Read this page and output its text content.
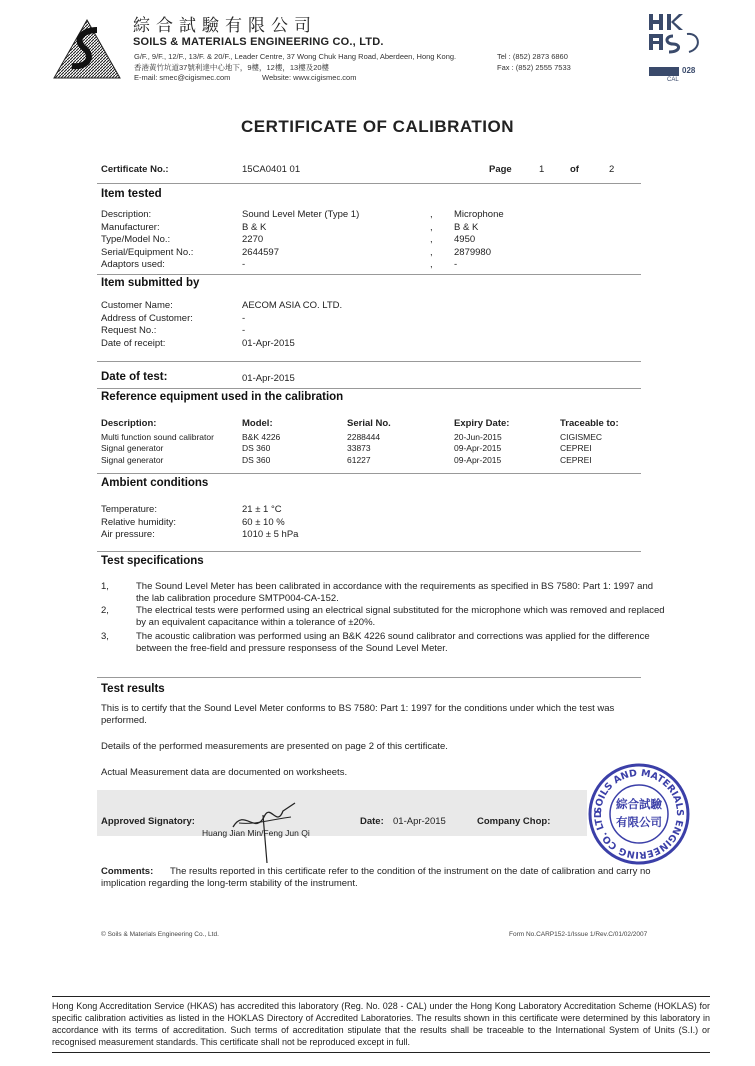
綜合試驗有限公司
SOILS & MATERIALS ENGINEERING CO., LTD.
G/F., 9/F., 12/F., 13/F. & 20/F., Leader Centre, 37 Wong Chuk Hang Road, Aberdeen, Hong Kong.
香港黃竹坑道37號利達中心地下，9樓，12樓，13樓及20樓
E-mail: smec@cigismec.com	Website: www.cigismec.com
Tel : (852) 2873 6860
Fax : (852) 2555 7533	028
CAL
CERTIFICATE OF CALIBRATION
Certificate No.:	15CA0401 01	Page	1	of	2
Item tested
Description:	Sound Level Meter (Type 1)	, Microphone
Manufacturer:	B & K	, B & K
Type/Model No.:	2270	, 4950
Serial/Equipment No.:	2644597	, 2879980
Adaptors used:	-	, -
Item submitted by
Customer Name:	AECOM ASIA CO. LTD.
Address of Customer:	-
Request No.:	-
Date of receipt:	01-Apr-2015
Date of test:	01-Apr-2015
Reference equipment used in the calibration
Description:	Model:	Serial No.	Expiry Date:	Traceable to:
Multi function sound calibrator	B&K 4226	2288444	20-Jun-2015	CIGISMEC
Signal generator	DS 360	33873	09-Apr-2015	CEPREI
Signal generator	DS 360	61227	09-Apr-2015	CEPREI
Ambient conditions
Temperature:	21 ± 1 °C
Relative humidity:	60 ± 10 %
Air pressure:	1010 ± 5 hPa
Test specifications
1,	The Sound Level Meter has been calibrated in accordance with the requirements as specified in BS 7580: Part 1: 1997 and the lab calibration procedure SMTP004-CA-152.
2,	The electrical tests were performed using an electrical signal substituted for the microphone which was removed and replaced by an equivalent capacitance within a tolerance of ±20%.
3,	The acoustic calibration was performed using an B&K 4226 sound calibrator and corrections was applied for the difference between the free-field and pressure responsess of the Sound Level Meter.
Test results
This is to certify that the Sound Level Meter conforms to BS 7580: Part 1: 1997 for the conditions under which the test was performed.
Details of the performed measurements are presented on page 2 of this certificate.
Actual Measurement data are documented on worksheets.
Approved Signatory:
Huang Jian Min/Feng Jun Qi
Date: 01-Apr-2015	Company Chop:
SOILS AND MATERIALS ENGINEERING CO. LTD
綜合試驗
有限公司
Comments:	The results reported in this certificate refer to the condition of the instrument on the date of calibration and carry no implication regarding the long-term stability of the instrument.
© Soils & Materials Engineering Co., Ltd.	Form No.CARP152-1/Issue 1/Rev.C/01/02/2007
Hong Kong Accreditation Service (HKAS) has accredited this laboratory (Reg. No. 028 - CAL) under the Hong Kong Laboratory Accreditation Scheme (HOKLAS) for specific calibration activities as listed in the HOKLAS Directory of Accredited Laboratories. The results shown in this certificate were determined by this laboratory in accordance with its terms of accreditation. Such terms of accreditation stipulate that the results shall be traceable to the International System of Units (S.I.) or recognised measurement standards. This certificate shall not be reproduced except in full.
